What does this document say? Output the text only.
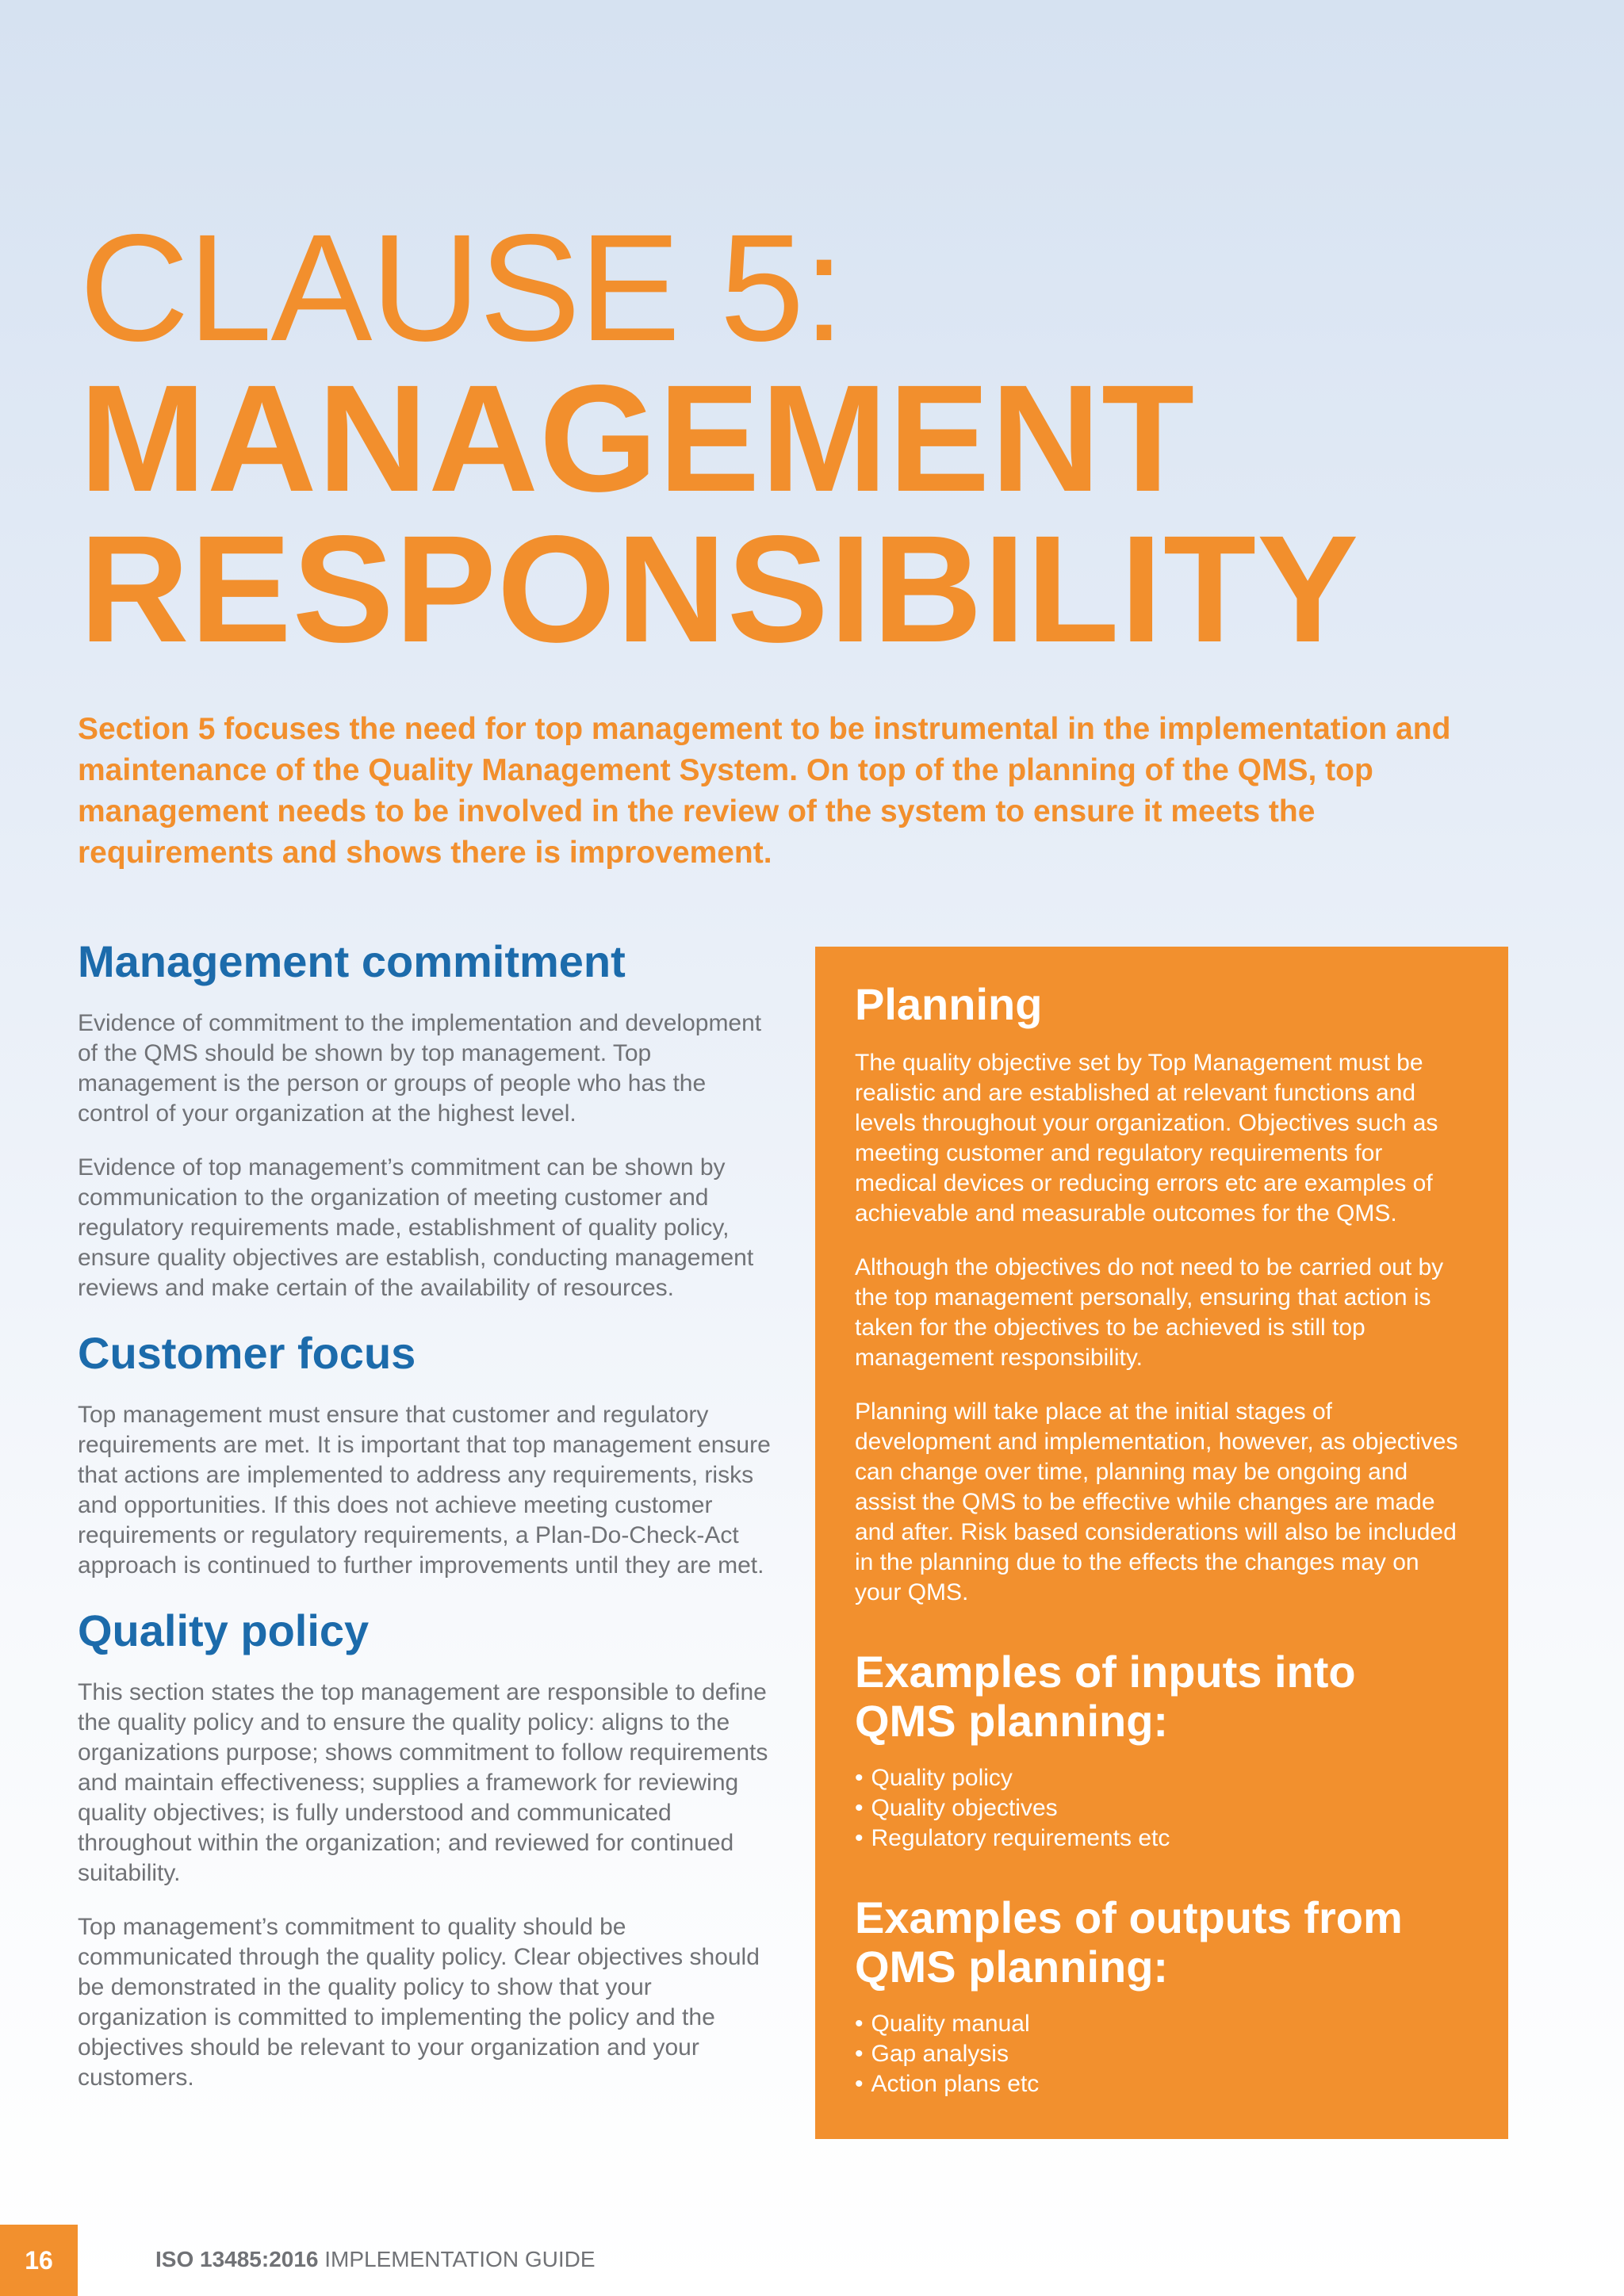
CLAUSE 5:
MANAGEMENT
RESPONSIBILITY

Section 5 focuses the need for top management to be instrumental in the implementation and maintenance of the Quality Management System. On top of the planning of the QMS, top management needs to be involved in the review of the system to ensure it meets the requirements and shows there is improvement.

Management commitment

Evidence of commitment to the implementation and development of the QMS should be shown by top management. Top management is the person or groups of people who has the control of your organization at the highest level.

Evidence of top management’s commitment can be shown by communication to the organization of meeting customer and regulatory requirements made, establishment of quality policy, ensure quality objectives are establish, conducting management reviews and make certain of the availability of resources.

Customer focus

Top management must ensure that customer and regulatory requirements are met. It is important that top management ensure that actions are implemented to address any requirements, risks and opportunities. If this does not achieve meeting customer requirements or regulatory requirements, a Plan-Do-Check-Act approach is continued to further improvements until they are met.

Quality policy

This section states the top management are responsible to define the quality policy and to ensure the quality policy: aligns to the organizations purpose; shows commitment to follow requirements and maintain effectiveness; supplies a framework for reviewing quality objectives; is fully understood and communicated throughout within the organization; and reviewed for continued suitability.

Top management’s commitment to quality should be communicated through the quality policy. Clear objectives should be demonstrated in the quality policy to show that your organization is committed to implementing the policy and the objectives should be relevant to your organization and your customers.

Planning

The quality objective set by Top Management must be realistic and are established at relevant functions and levels throughout your organization. Objectives such as meeting customer and regulatory requirements for medical devices or reducing errors etc are examples of achievable and measurable outcomes for the QMS.

Although the objectives do not need to be carried out by the top management personally, ensuring that action is taken for the objectives to be achieved is still top management responsibility.

Planning will take place at the initial stages of development and implementation, however, as objectives can change over time, planning may be ongoing and assist the QMS to be effective while changes are made and after. Risk based considerations will also be included in the planning due to the effects the changes may on your QMS.

Examples of inputs into QMS planning:
• Quality policy
• Quality objectives
• Regulatory requirements etc
Examples of outputs from QMS planning:
• Quality manual
• Gap analysis
• Action plans etc
16	ISO 13485:2016 IMPLEMENTATION GUIDE
